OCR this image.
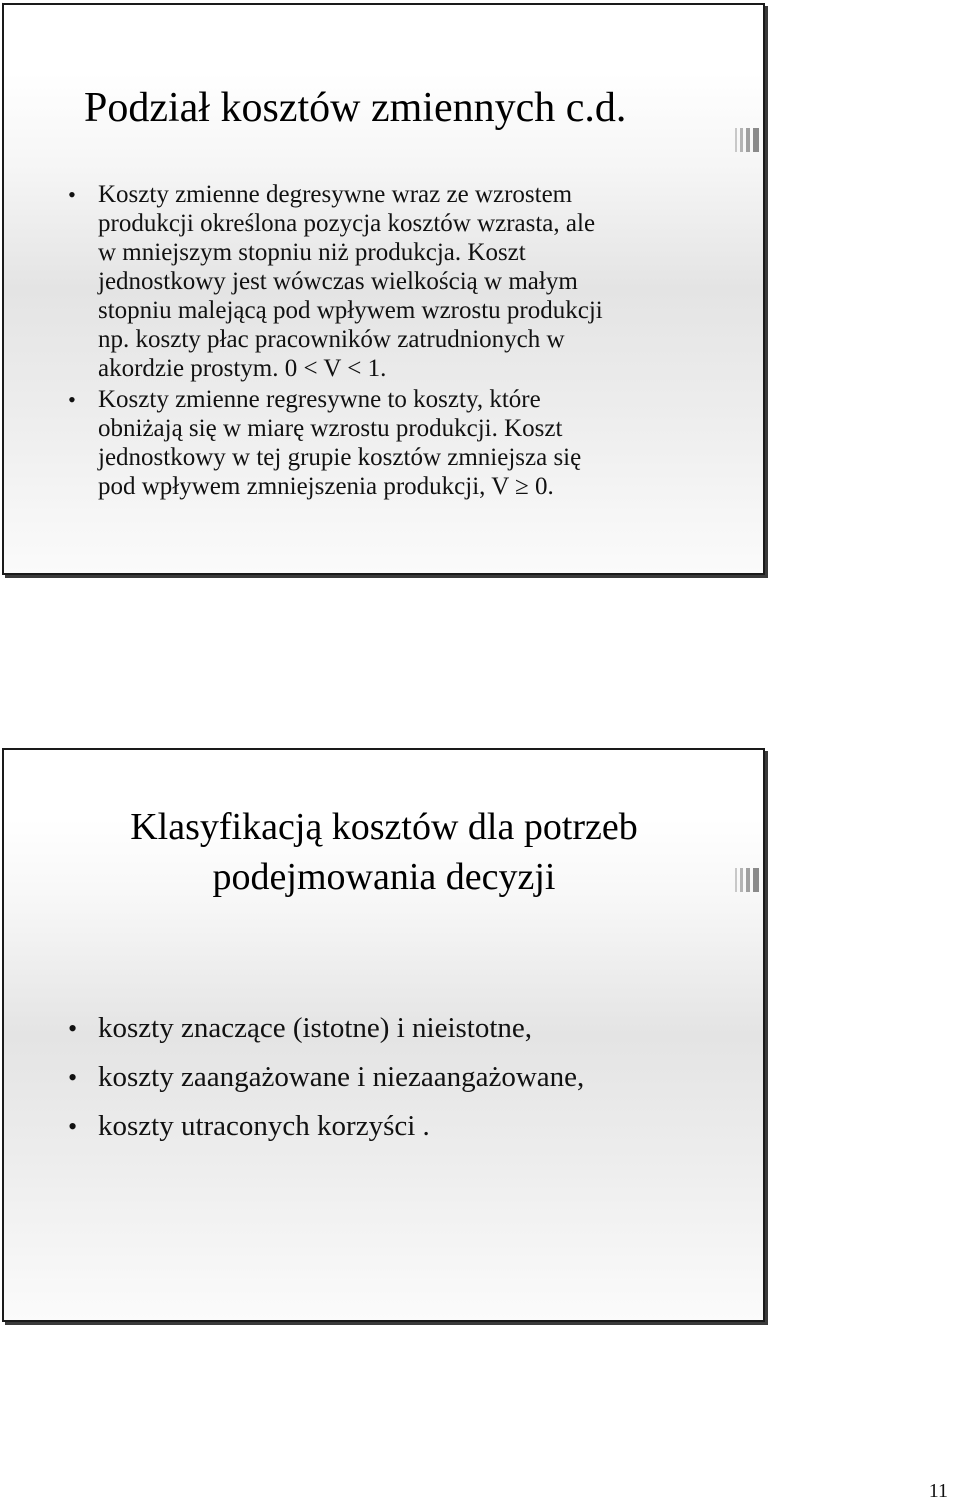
Podział kosztów zmiennych c.d.
• Koszty zmienne degresywne wraz ze wzrostem
produkcji określona pozycja kosztów wzrasta, ale
w mniejszym stopniu niż produkcja. Koszt
jednostkowy jest wówczas wielkością w małym
stopniu malejącą pod wpływem wzrostu produkcji
np. koszty płac pracowników zatrudnionych w
akordzie prostym. 0 < V < 1.
• Koszty zmienne regresywne to koszty, które
obniżają się w miarę wzrostu produkcji. Koszt
jednostkowy w tej grupie kosztów zmniejsza się
pod wpływem zmniejszenia produkcji, V ≥ 0.
Klasyfikacją kosztów dla potrzeb
podejmowania decyzji
• koszty znaczące (istotne) i nieistotne,
• koszty zaangażowane i niezaangażowane,
• koszty utraconych korzyści .
11
